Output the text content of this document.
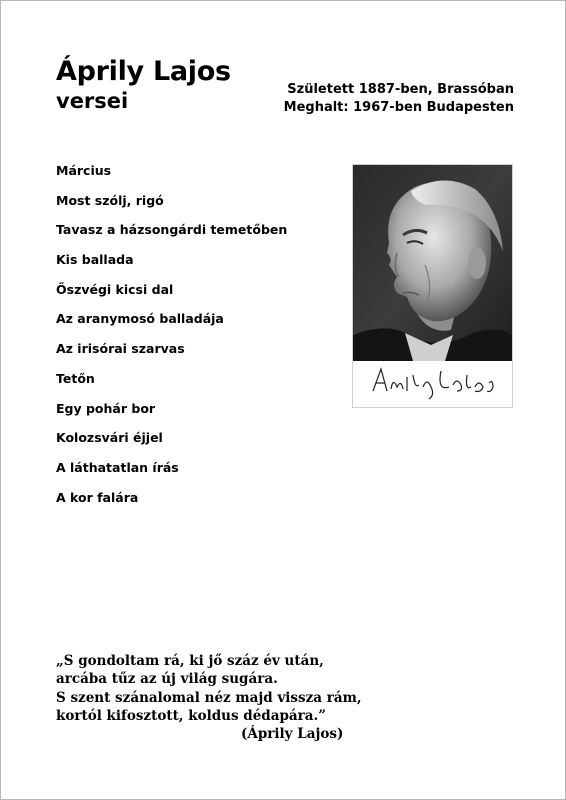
Áprily Lajos
versei	Született 1887-ben, Brassóban
Meghalt: 1967-ben Budapesten
Március
Most szólj, rigó
Tavasz a házsongárdi temetőben
Kis ballada
Őszvégi kicsi dal
Az aranymosó balladája
Az irisórai szarvas
Tetőn
Egy pohár bor
Kolozsvári éjjel
A láthatatlan írás
A kor falára
„S gondoltam rá, ki jő száz év után,
arcába tűz az új világ sugára.
S szent szánalomal néz majd vissza rám,
kortól kifosztott, koldus dédapára.”
(Áprily Lajos)
